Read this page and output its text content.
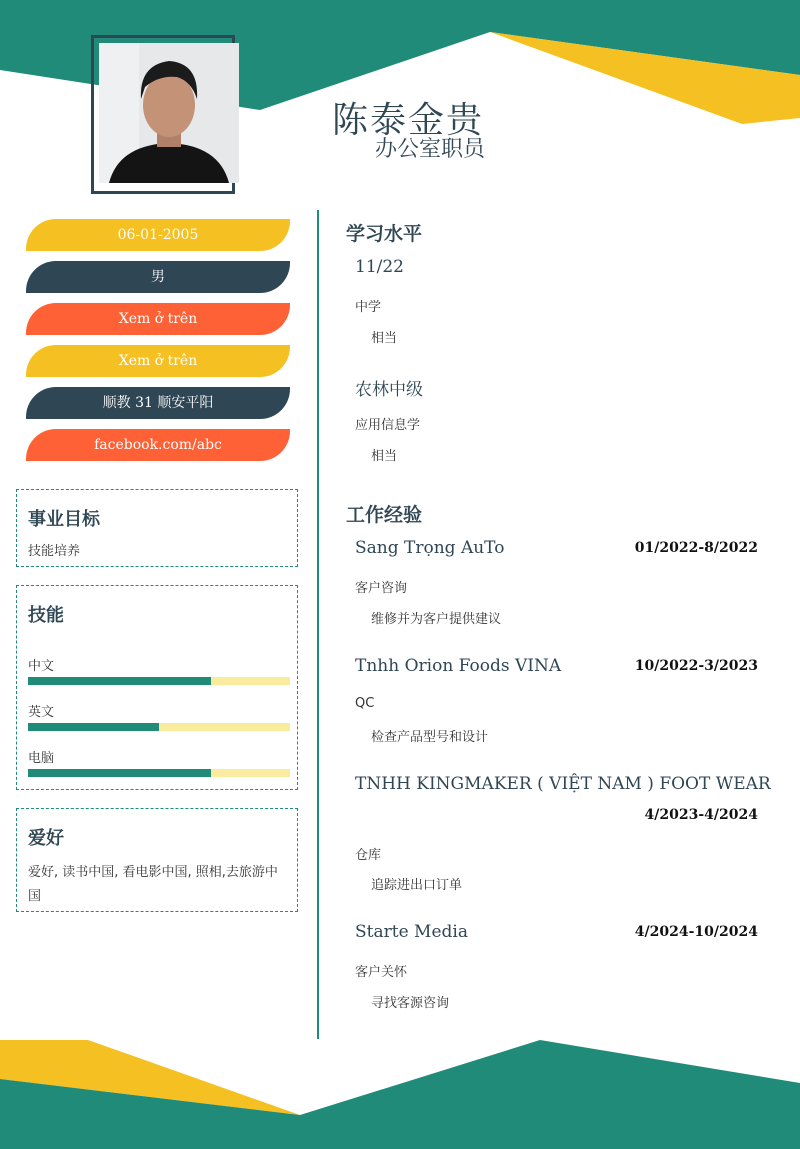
陈泰金贵
办公室职员
06-01-2005
男
Xem ở trên
Xem ở trên
顺教 31 顺安平阳
facebook.com/abc
事业目标
技能培养
技能
中文
英文
电脑
爱好
爱好, 读书中国, 看电影中国, 照相,去旅游中国
学习水平
11/22
中学
相当
农林中级
应用信息学
相当
工作经验
Sang Trọng AuTo	01/2022-8/2022
客户咨询
维修并为客户提供建议
Tnhh Orion Foods VINA	10/2022-3/2023
QC
检查产品型号和设计
TNHH KINGMAKER ( VIỆT NAM ) FOOT WEAR
4/2023-4/2024
仓库
追踪进出口订单
Starte Media	4/2024-10/2024
客户关怀
寻找客源咨询
